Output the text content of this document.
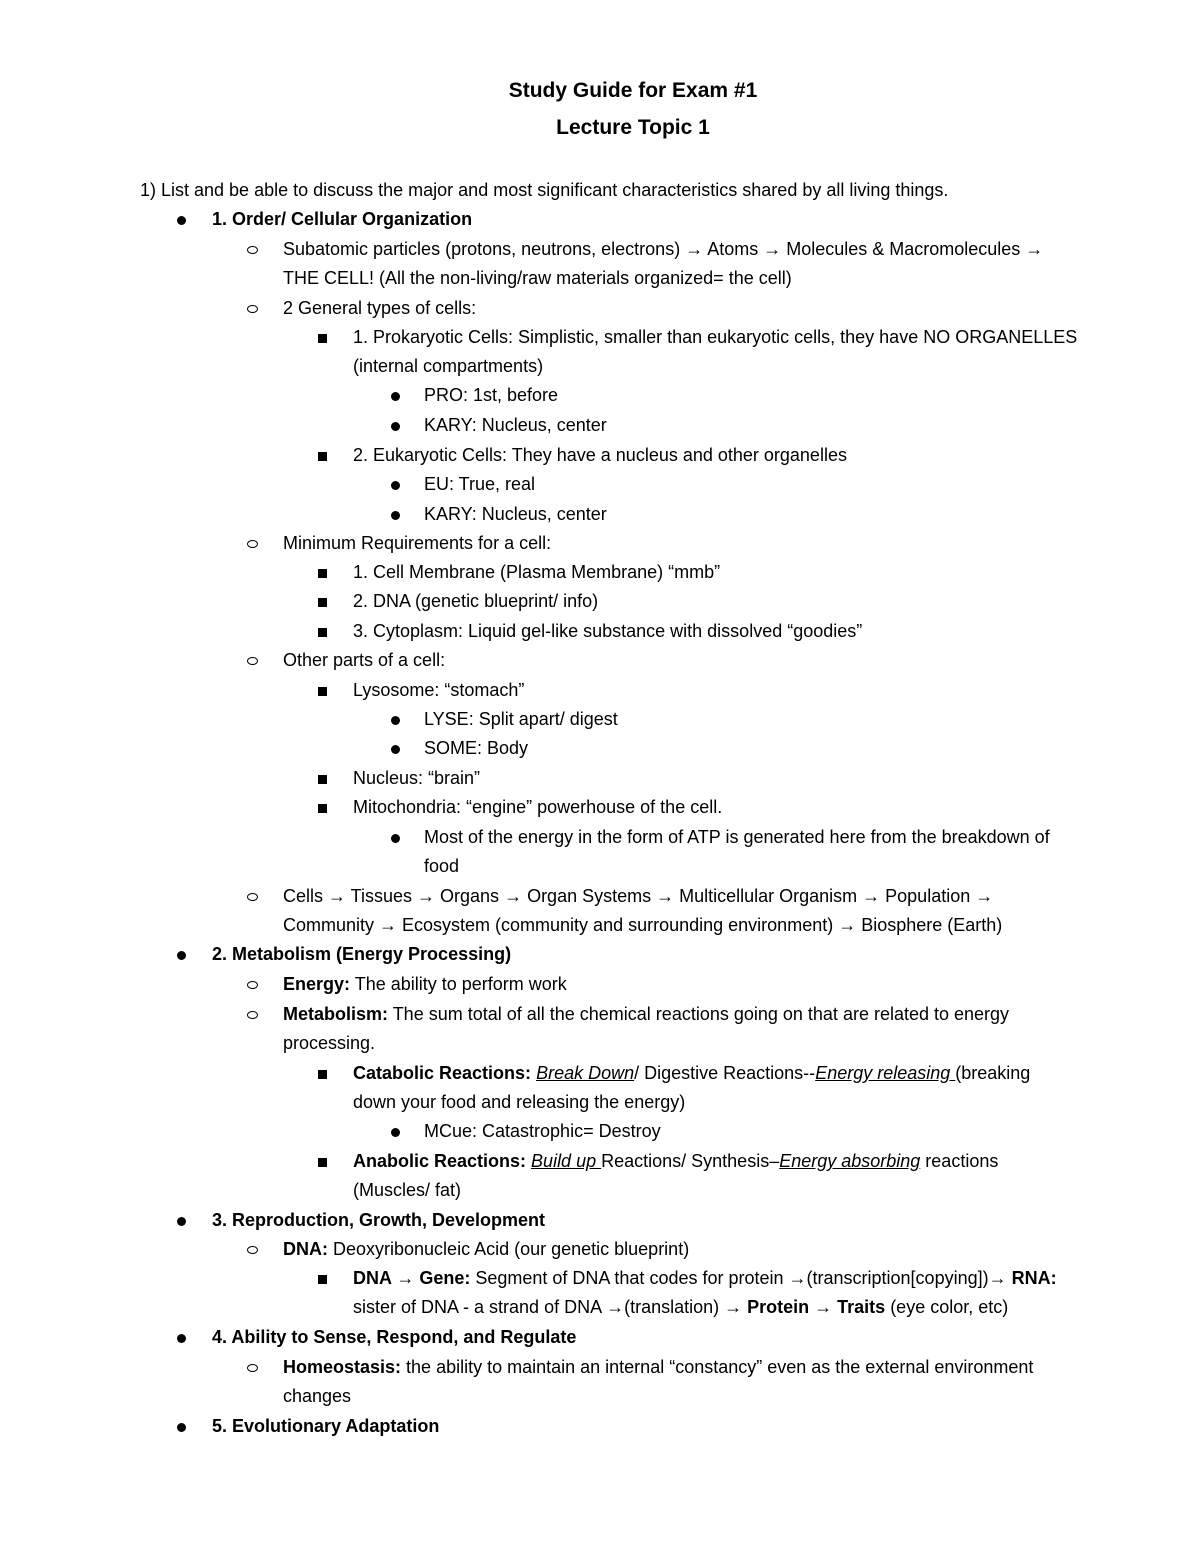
Study Guide for Exam #1
Lecture Topic 1
1) List and be able to discuss the major and most significant characteristics shared by all living things.
1. Order/ Cellular Organization
Subatomic particles (protons, neutrons, electrons) → Atoms → Molecules & Macromolecules →
THE CELL! (All the non-living/raw materials organized= the cell)
2 General types of cells:
1. Prokaryotic Cells: Simplistic, smaller than eukaryotic cells, they have NO ORGANELLES
(internal compartments)
PRO: 1st, before
KARY: Nucleus, center
2. Eukaryotic Cells: They have a nucleus and other organelles
EU: True, real
KARY: Nucleus, center
Minimum Requirements for a cell:
1. Cell Membrane (Plasma Membrane) “mmb”
2. DNA (genetic blueprint/ info)
3. Cytoplasm: Liquid gel-like substance with dissolved “goodies”
Other parts of a cell:
Lysosome: “stomach”
LYSE: Split apart/ digest
SOME: Body
Nucleus: “brain”
Mitochondria: “engine” powerhouse of the cell.
Most of the energy in the form of ATP is generated here from the breakdown of
food
Cells → Tissues → Organs → Organ Systems → Multicellular Organism → Population →
Community → Ecosystem (community and surrounding environment) → Biosphere (Earth)
2. Metabolism (Energy Processing)
Energy: The ability to perform work
Metabolism: The sum total of all the chemical reactions going on that are related to energy
processing.
Catabolic Reactions: Break Down/ Digestive Reactions--Energy releasing (breaking
down your food and releasing the energy)
MCue: Catastrophic= Destroy
Anabolic Reactions: Build up Reactions/ Synthesis–Energy absorbing reactions
(Muscles/ fat)
3. Reproduction, Growth, Development
DNA: Deoxyribonucleic Acid (our genetic blueprint)
DNA → Gene: Segment of DNA that codes for protein →(transcription[copying])→ RNA:
sister of DNA - a strand of DNA →(translation) → Protein → Traits (eye color, etc)
4. Ability to Sense, Respond, and Regulate
Homeostasis: the ability to maintain an internal “constancy” even as the external environment
changes
5. Evolutionary Adaptation
